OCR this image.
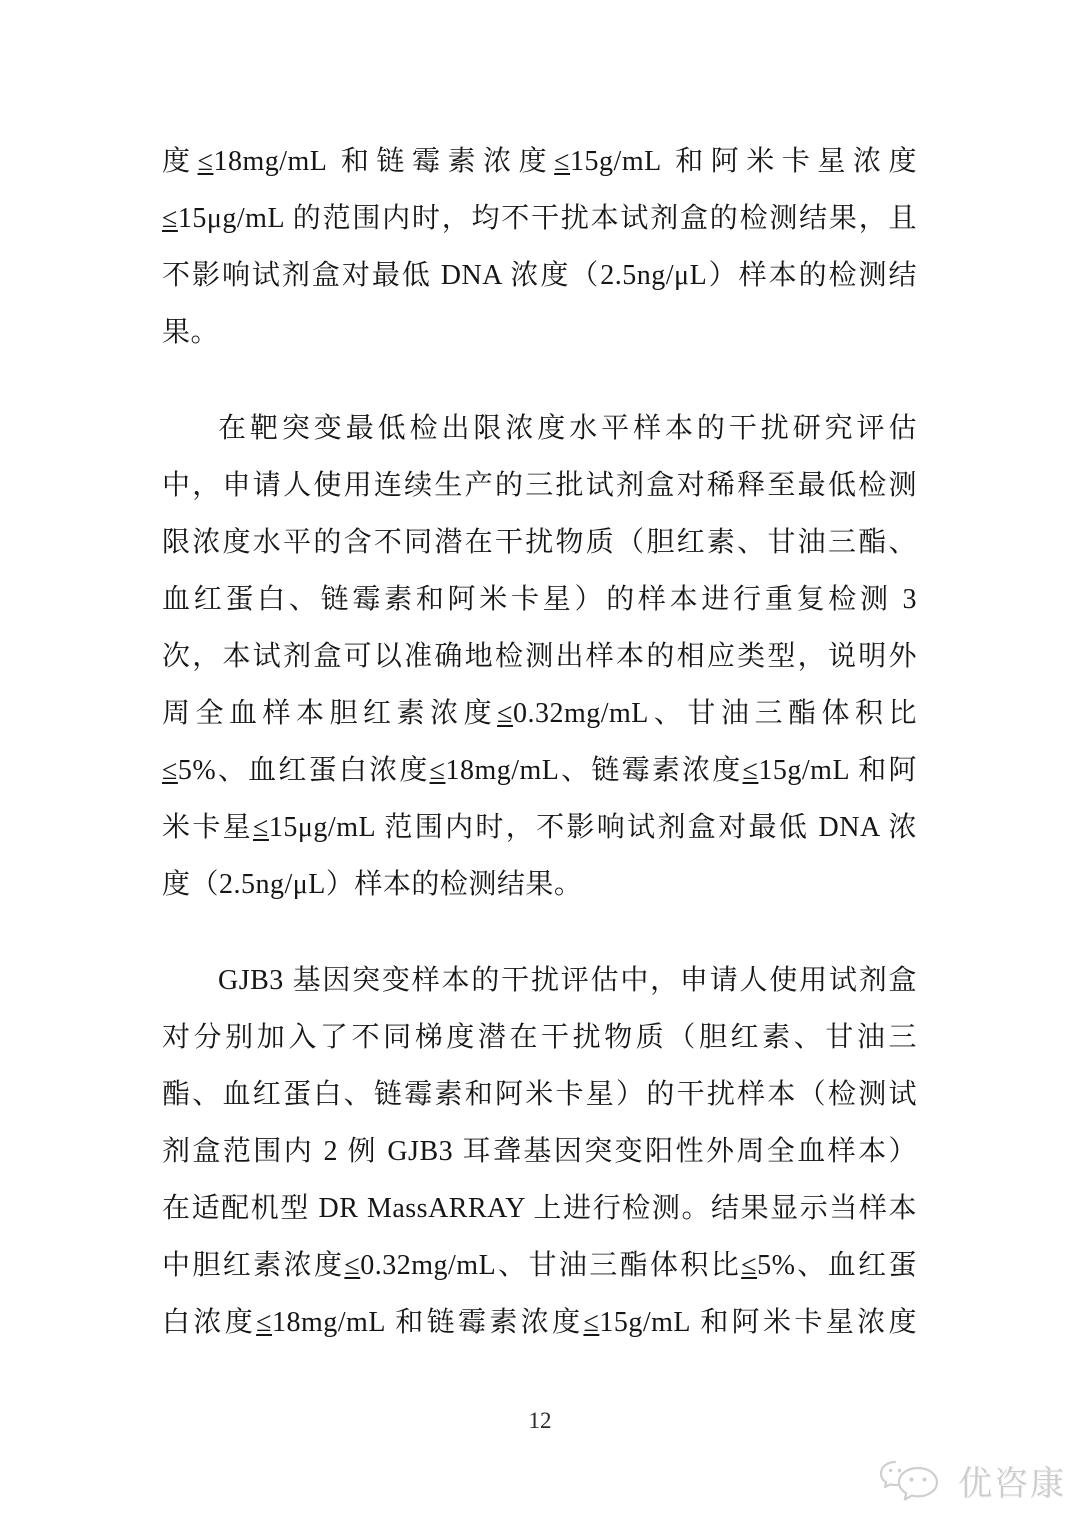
度≤18mg/mL 和链霉素浓度≤15g/mL 和阿米卡星浓度
≤15μg/mL 的范围内时，均不干扰本试剂盒的检测结果，且
不影响试剂盒对最低 DNA 浓度（2.5ng/μL）样本的检测结
果。
在靶突变最低检出限浓度水平样本的干扰研究评估
中，申请人使用连续生产的三批试剂盒对稀释至最低检测
限浓度水平的含不同潜在干扰物质（胆红素、甘油三酯、
血红蛋白、链霉素和阿米卡星）的样本进行重复检测 3
次，本试剂盒可以准确地检测出样本的相应类型，说明外
周全血样本胆红素浓度≤0.32mg/mL、甘油三酯体积比
≤5%、血红蛋白浓度≤18mg/mL、链霉素浓度≤15g/mL 和阿
米卡星≤15μg/mL 范围内时，不影响试剂盒对最低 DNA 浓
度（2.5ng/μL）样本的检测结果。
GJB3 基因突变样本的干扰评估中，申请人使用试剂盒
对分别加入了不同梯度潜在干扰物质（胆红素、甘油三
酯、血红蛋白、链霉素和阿米卡星）的干扰样本（检测试
剂盒范围内 2 例 GJB3 耳聋基因突变阳性外周全血样本）
在适配机型 DR MassARRAY 上进行检测。结果显示当样本
中胆红素浓度≤0.32mg/mL、甘油三酯体积比≤5%、血红蛋
白浓度≤18mg/mL 和链霉素浓度≤15g/mL 和阿米卡星浓度
12
优咨康
